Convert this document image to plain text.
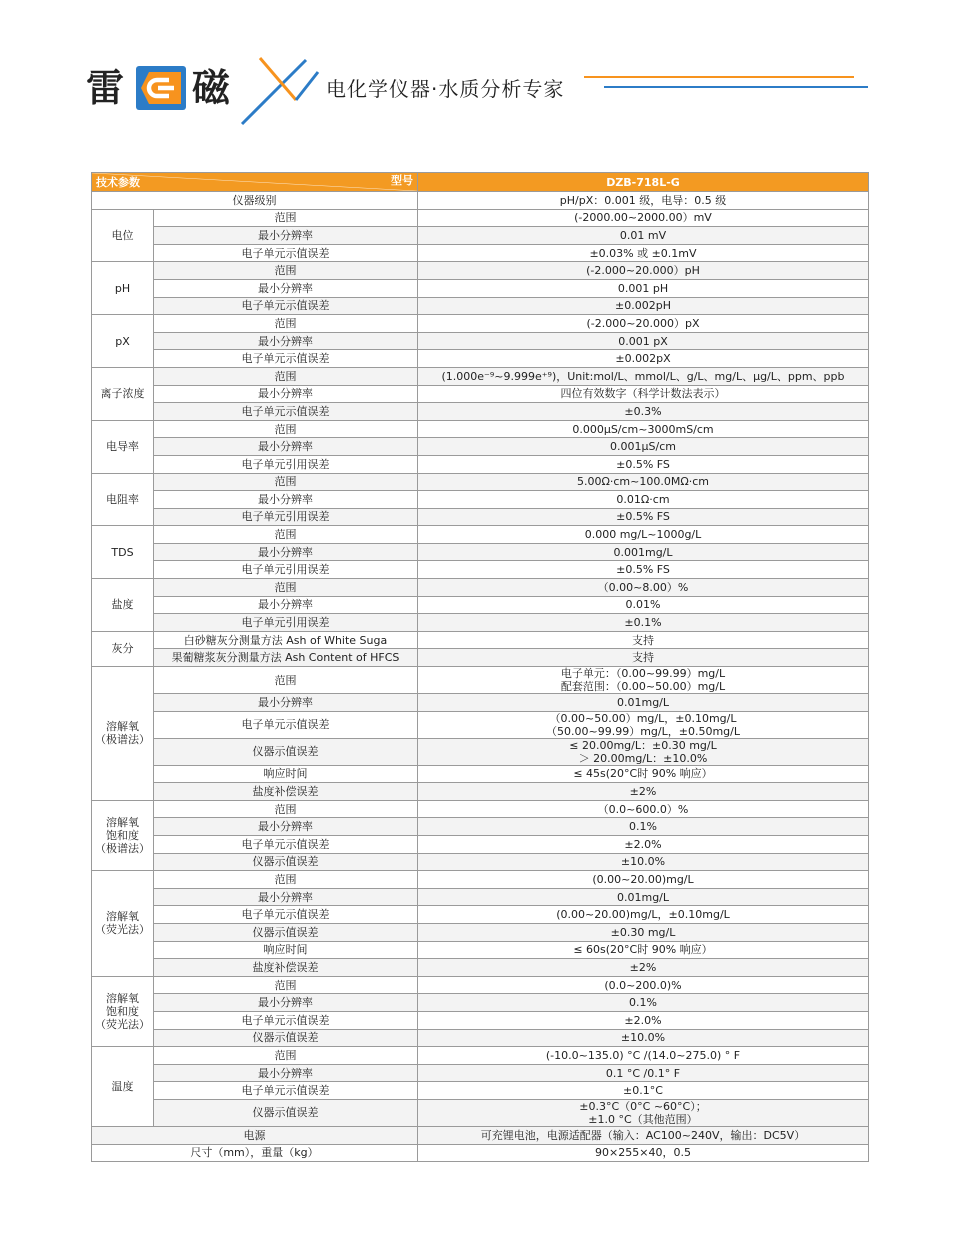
雷 磁	电化学仪器·水质分析专家
技术参数 型号		DZB-718L-G
仪器级别		pH/pX：0.001 级，电导：0.5 级
电位	范围	(-2000.00~2000.00）mV
	最小分辨率	0.01 mV
	电子单元示值误差	±0.03% 或 ±0.1mV
pH	范围	(-2.000~20.000）pH
	最小分辨率	0.001 pH
	电子单元示值误差	±0.002pH
pX	范围	(-2.000~20.000）pX
	最小分辨率	0.001 pX
	电子单元示值误差	±0.002pX
离子浓度	范围	(1.000e⁻⁹~9.999e⁺⁹)，Unit:mol/L、mmol/L、g/L、mg/L、μg/L、ppm、ppb
	最小分辨率	四位有效数字（科学计数法表示）
	电子单元示值误差	±0.3%
电导率	范围	0.000μS/cm~3000mS/cm
	最小分辨率	0.001μS/cm
	电子单元引用误差	±0.5% FS
电阻率	范围	5.00Ω·cm~100.0MΩ·cm
	最小分辨率	0.01Ω·cm
	电子单元引用误差	±0.5% FS
TDS	范围	0.000 mg/L~1000g/L
	最小分辨率	0.001mg/L
	电子单元引用误差	±0.5% FS
盐度	范围	（0.00~8.00）%
	最小分辨率	0.01%
	电子单元引用误差	±0.1%
灰分	白砂糖灰分测量方法 Ash of White Suga	支持
	果葡糖浆灰分测量方法 Ash Content of HFCS	支持
溶解氧
（极谱法）	范围	电子单元：（0.00~99.99）mg/L
配套范围：（0.00~50.00）mg/L
	最小分辨率	0.01mg/L
	电子单元示值误差	（0.00~50.00）mg/L，±0.10mg/L
（50.00~99.99）mg/L，±0.50mg/L
	仪器示值误差	≤ 20.00mg/L：±0.30 mg/L
＞ 20.00mg/L：±10.0%
	响应时间	≤ 45s(20°C时 90% 响应）
	盐度补偿误差	±2%
溶解氧
饱和度
（极谱法）	范围	（0.0~600.0）%
	最小分辨率	0.1%
	电子单元示值误差	±2.0%
	仪器示值误差	±10.0%
溶解氧
（荧光法）	范围	(0.00~20.00)mg/L
	最小分辨率	0.01mg/L
	电子单元示值误差	(0.00~20.00)mg/L，±0.10mg/L
	仪器示值误差	±0.30 mg/L
	响应时间	≤ 60s(20°C时 90% 响应）
	盐度补偿误差	±2%
溶解氧
饱和度
（荧光法）	范围	(0.0~200.0)%
	最小分辨率	0.1%
	电子单元示值误差	±2.0%
	仪器示值误差	±10.0%
温度	范围	(-10.0~135.0) °C /(14.0~275.0) ° F
	最小分辨率	0.1 °C /0.1° F
	电子单元示值误差	±0.1°C
	仪器示值误差	±0.3°C（0°C ~60°C）；
±1.0 °C（其他范围）
电源		可充锂电池，电源适配器（输入：AC100~240V，输出：DC5V）
尺寸（mm），重量（kg）		90×255×40，0.5
